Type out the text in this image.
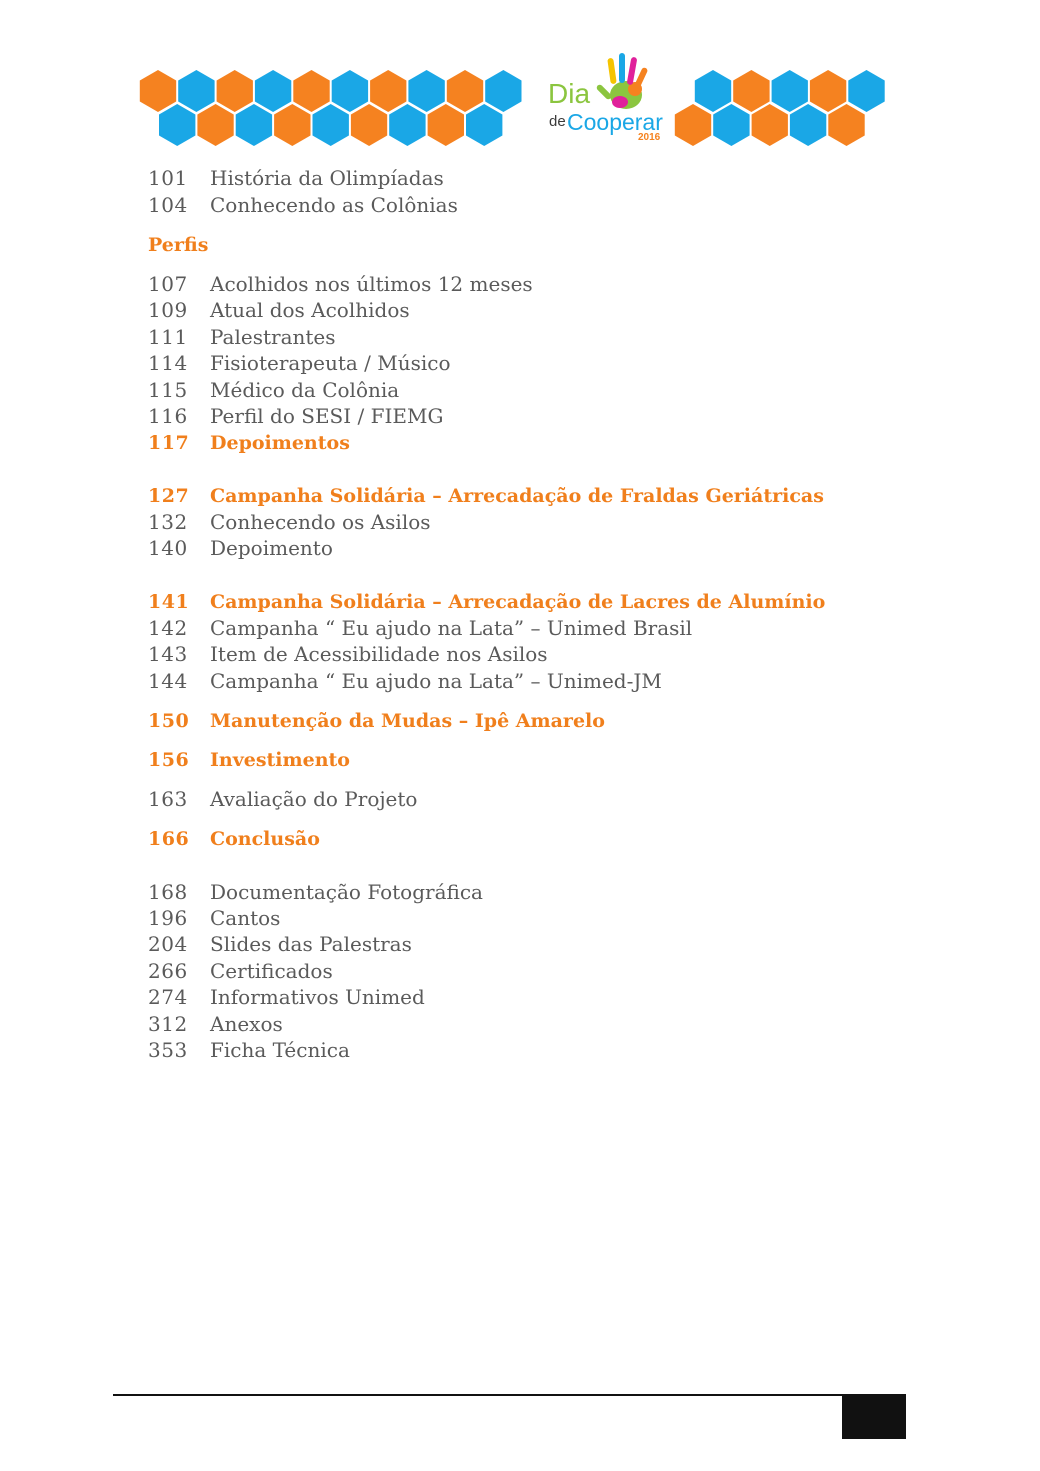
Dia
de Cooperar
2016
101	História da Olimpíadas
104	Conhecendo as Colônias
Perfis
107	Acolhidos nos últimos 12 meses
109	Atual dos Acolhidos
111	Palestrantes
114	Fisioterapeuta / Músico
115	Médico da Colônia
116	Perfil do SESI / FIEMG
117	Depoimentos
127	Campanha Solidária – Arrecadação de Fraldas Geriátricas
132	Conhecendo os Asilos
140	Depoimento
141	Campanha Solidária – Arrecadação de Lacres de Alumínio
142	Campanha “ Eu ajudo na Lata” – Unimed Brasil
143	Item de Acessibilidade nos Asilos
144	Campanha “ Eu ajudo na Lata” – Unimed-JM
150	Manutenção da Mudas – Ipê Amarelo
156	Investimento
163	Avaliação do Projeto
166	Conclusão
168	Documentação Fotográfica
196	Cantos
204	Slides das Palestras
266	Certificados
274	Informativos Unimed
312	Anexos
353	Ficha Técnica
